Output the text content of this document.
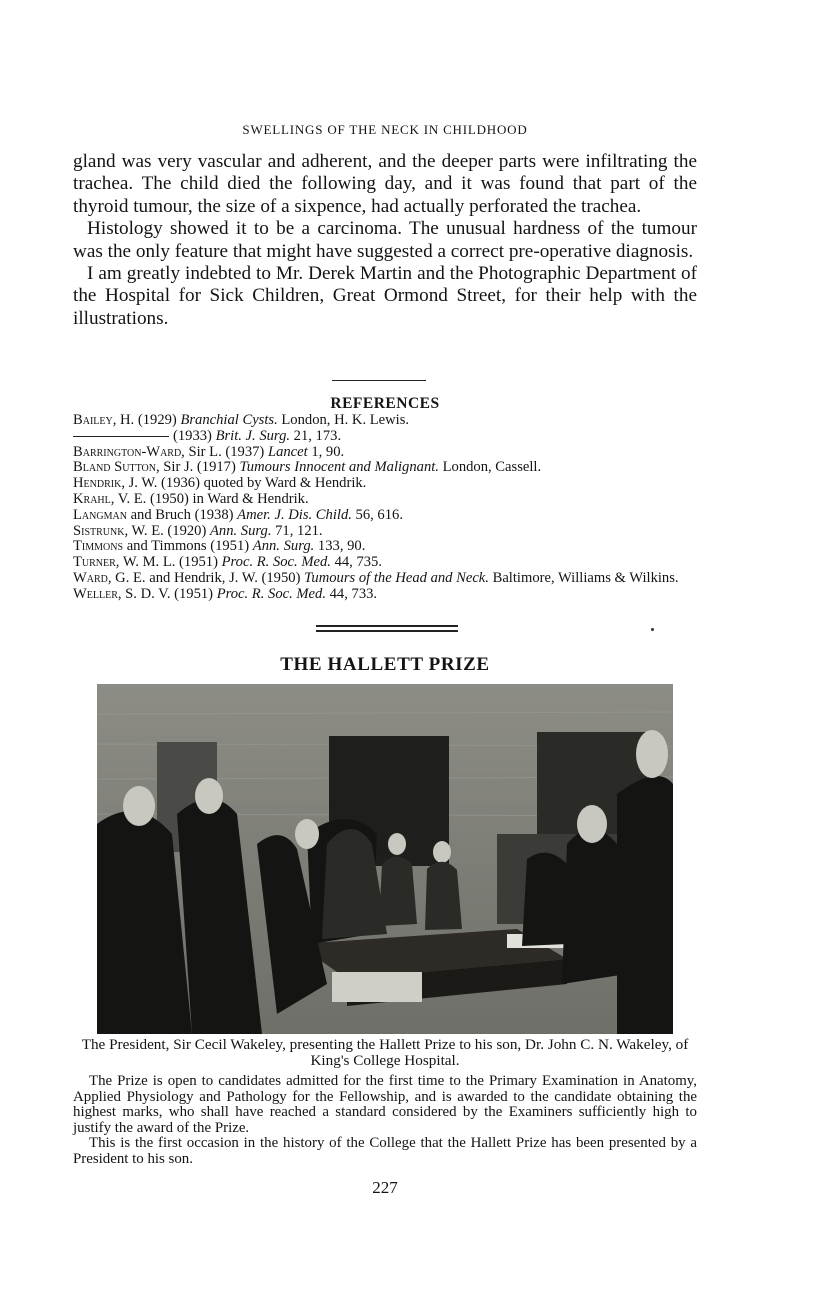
SWELLINGS OF THE NECK IN CHILDHOOD

gland was very vascular and adherent, and the deeper parts were infiltrating the trachea. The child died the following day, and it was found that part of the thyroid tumour, the size of a sixpence, had actually perforated the trachea.

Histology showed it to be a carcinoma. The unusual hardness of the tumour was the only feature that might have suggested a correct pre-operative diagnosis.

I am greatly indebted to Mr. Derek Martin and the Photographic Department of the Hospital for Sick Children, Great Ormond Street, for their help with the illustrations.

REFERENCES
Bailey, H. (1929) Branchial Cysts. London, H. K. Lewis.
(1933) Brit. J. Surg. 21, 173.
Barrington-Ward, Sir L. (1937) Lancet 1, 90.
Bland Sutton, Sir J. (1917) Tumours Innocent and Malignant. London, Cassell.
Hendrik, J. W. (1936) quoted by Ward & Hendrik.
Krahl, V. E. (1950) in Ward & Hendrik.
Langman and Bruch (1938) Amer. J. Dis. Child. 56, 616.
Sistrunk, W. E. (1920) Ann. Surg. 71, 121.
Timmons and Timmons (1951) Ann. Surg. 133, 90.
Turner, W. M. L. (1951) Proc. R. Soc. Med. 44, 735.
Ward, G. E. and Hendrik, J. W. (1950) Tumours of the Head and Neck. Baltimore, Williams & Wilkins.
Weller, S. D. V. (1951) Proc. R. Soc. Med. 44, 733.
THE HALLETT PRIZE
The President, Sir Cecil Wakeley, presenting the Hallett Prize to his son, Dr. John C. N. Wakeley, of King's College Hospital.

The Prize is open to candidates admitted for the first time to the Primary Examination in Anatomy, Applied Physiology and Pathology for the Fellowship, and is awarded to the candidate obtaining the highest marks, who shall have reached a standard considered by the Examiners sufficiently high to justify the award of the Prize.

This is the first occasion in the history of the College that the Hallett Prize has been presented by a President to his son.

227
